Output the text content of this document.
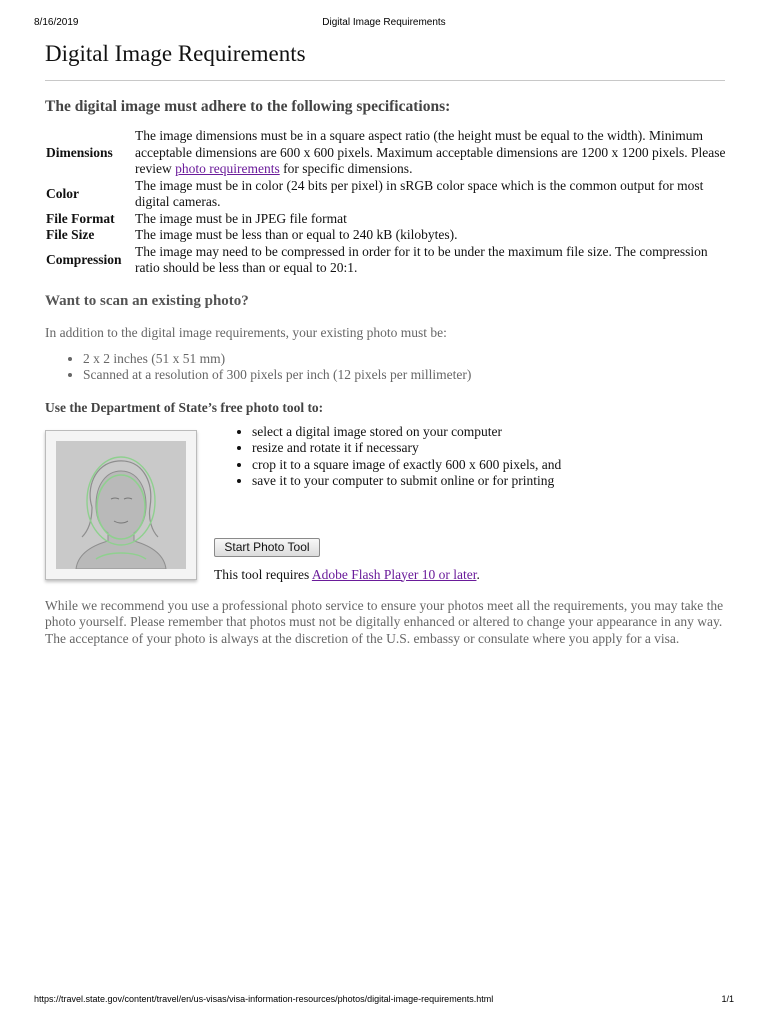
8/16/2019	Digital Image Requirements
Digital Image Requirements
The digital image must adhere to the following specifications:
Dimensions	The image dimensions must be in a square aspect ratio (the height must be equal to the width). Minimum acceptable dimensions are 600 x 600 pixels. Maximum acceptable dimensions are 1200 x 1200 pixels. Please review photo requirements for specific dimensions.
Color	The image must be in color (24 bits per pixel) in sRGB color space which is the common output for most digital cameras.
File Format	The image must be in JPEG file format
File Size	The image must be less than or equal to 240 kB (kilobytes).
Compression	The image may need to be compressed in order for it to be under the maximum file size. The compression ratio should be less than or equal to 20:1.
Want to scan an existing photo?

In addition to the digital image requirements, your existing photo must be:

• 2 x 2 inches (51 x 51 mm)
• Scanned at a resolution of 300 pixels per inch (12 pixels per millimeter)
Use the Department of State’s free photo tool to:
• select a digital image stored on your computer
• resize and rotate it if necessary
• crop it to a square image of exactly 600 x 600 pixels, and
• save it to your computer to submit online or for printing
Start Photo Tool
This tool requires Adobe Flash Player 10 or later.

While we recommend you use a professional photo service to ensure your photos meet all the requirements, you may take the photo yourself. Please remember that photos must not be digitally enhanced or altered to change your appearance in any way. The acceptance of your photo is always at the discretion of the U.S. embassy or consulate where you apply for a visa.

https://travel.state.gov/content/travel/en/us-visas/visa-information-resources/photos/digital-image-requirements.html	1/1
